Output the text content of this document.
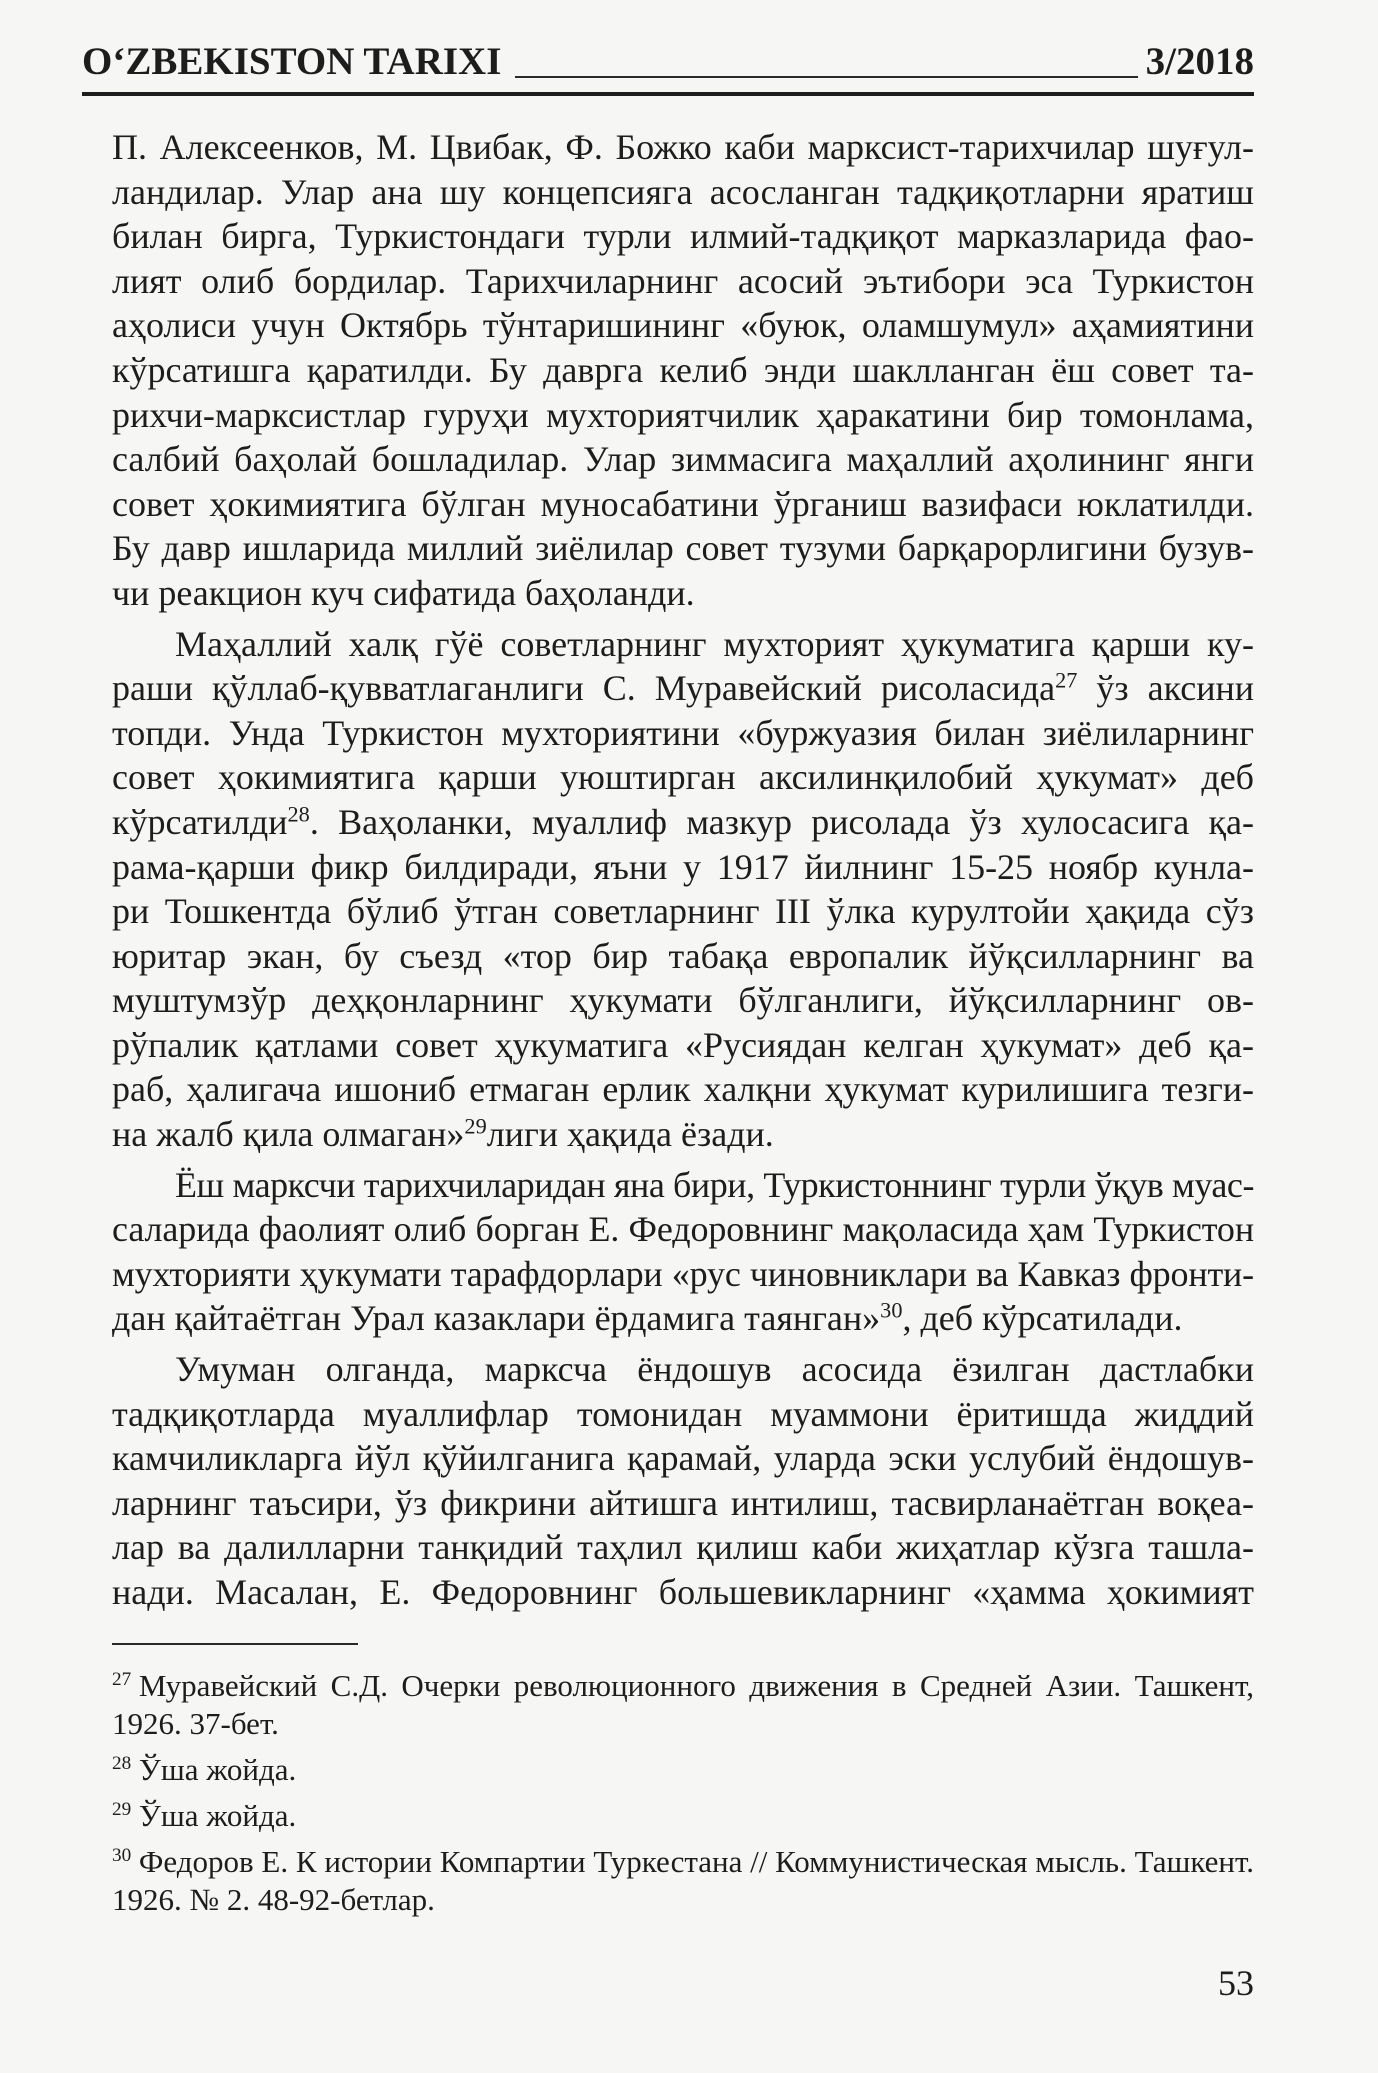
O‘ZBEKISTON TARIXI	3/2018
П. Алексеенков, М. Цвибак, Ф. Божко каби марксист-тарихчилар шуғул-
ландилар. Улар ана шу концепсияга асосланган тадқиқотларни яратиш
билан бирга, Туркистондаги турли илмий-тадқиқот марказларида фао-
лият олиб бордилар. Тарихчиларнинг асосий эътибори эса Туркистон
аҳолиси учун Октябрь тўнтаришининг «буюк, оламшумул» аҳамиятини
кўрсатишга қаратилди. Бу даврга келиб энди шаклланган ёш совет та-
рихчи-марксистлар гуруҳи мухториятчилик ҳаракатини бир томонлама,
салбий баҳолай бошладилар. Улар зиммасига маҳаллий аҳолининг янги
совет ҳокимиятига бўлган муносабатини ўрганиш вазифаси юклатилди.
Бу давр ишларида миллий зиёлилар совет тузуми барқарорлигини бузув-
чи реакцион куч сифатида баҳоланди.
Маҳаллий халқ гўё советларнинг мухторият ҳукуматига қарши ку-
раши қўллаб-қувватлаганлиги С. Муравейский рисоласида$^{27}$ ўз аксини
топди. Унда Туркистон мухториятини «буржуазия билан зиёлиларнинг
совет ҳокимиятига қарши уюштирган аксилинқилобий ҳукумат» деб
кўрсатилди$^{28}$. Ваҳоланки, муаллиф мазкур рисолада ўз хулосасига қа-
рама-қарши фикр билдиради, яъни у 1917 йилнинг 15-25 ноябр кунла-
ри Тошкентда бўлиб ўтган советларнинг III ўлка курултойи ҳақида сўз
юритар экан, бу съезд «тор бир табақа европалик йўқсилларнинг ва
муштумзўр деҳқонларнинг ҳукумати бўлганлиги, йўқсилларнинг ов-
рўпалик қатлами совет ҳукуматига «Русиядан келган ҳукумат» деб қа-
раб, ҳалигача ишониб етмаган ерлик халқни ҳукумат курилишига тезги-
на жалб қила олмаган»$^{29}$лиги ҳақида ёзади.
Ёш марксчи тарихчиларидан яна бири, Туркистоннинг турли ўқув муас-
саларида фаолият олиб борган Е. Федоровнинг мақоласида ҳам Туркистон
мухторияти ҳукумати тарафдорлари «рус чиновниклари ва Кавказ фронти-
дан қайтаётган Урал казаклари ёрдамига таянган»$^{30}$, деб кўрсатилади.
Умуман олганда, марксча ёндошув асосида ёзилган дастлабки
тадқиқотларда муаллифлар томонидан муаммони ёритишда жиддий
камчиликларга йўл қўйилганига қарамай, уларда эски услубий ёндошув-
ларнинг таъсири, ўз фикрини айтишга интилиш, тасвирланаётган воқеа-
лар ва далилларни танқидий таҳлил қилиш каби жиҳатлар кўзга ташла-
нади. Масалан, Е. Федоровнинг большевикларнинг «ҳамма ҳокимият
$^{27}$ Муравейский С.Д. Очерки революционного движения в Средней Азии. Ташкент,
1926. 37-бет.
$^{28}$ Ўша жойда.
$^{29}$ Ўша жойда.
$^{30}$ Федоров Е. К истории Компартии Туркестана // Коммунистическая мысль. Ташкент.
1926. № 2. 48-92-бетлар.
53
